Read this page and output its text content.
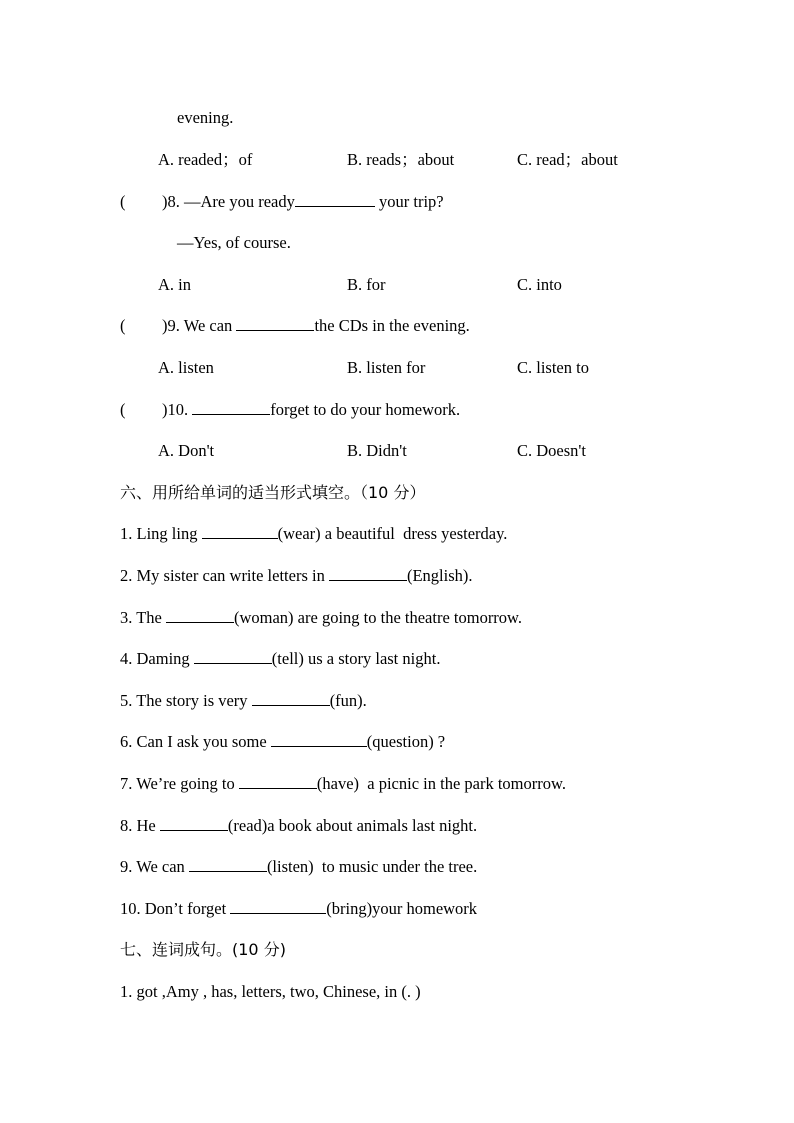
evening.
A. readed；of	B. reads；about	C. read；about
( )8. —Are you ready	your trip?
—Yes, of course.
A. in	B. for	C. into
( )9. We can	the CDs in the evening.
A. listen	B. listen for	C. listen to
( )10.	forget to do your homework.
A. Don't	B. Didn't	C. Doesn't
六、用所给单词的适当形式填空。（10 分）
1. Ling ling	(wear) a beautiful  dress yesterday.
2. My sister can write letters in	(English).
3. The	(woman) are going to the theatre tomorrow.
4. Daming	(tell) us a story last night.
5. The story is very	(fun).
6. Can I ask you some	(question) ?
7. We’re going to	(have)  a picnic in the park tomorrow.
8. He	(read)a book about animals last night.
9. We can	(listen)  to music under the tree.
10. Don’t forget	(bring)your homework
七、连词成句。(10 分)
1. got ,Amy , has, letters, two, Chinese, in (. )
